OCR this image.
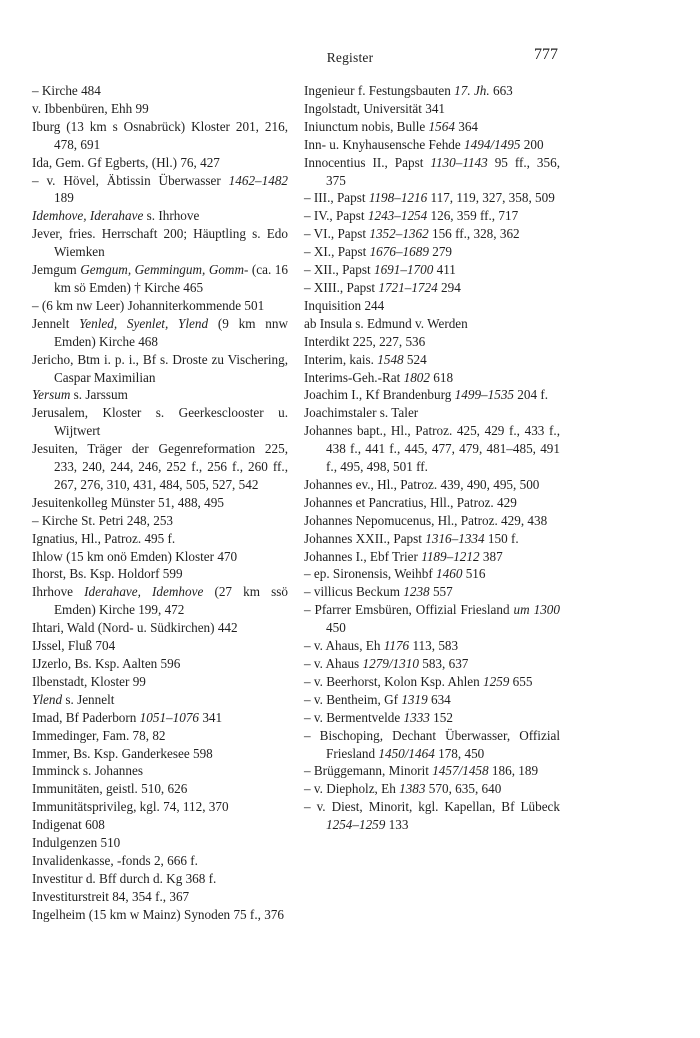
Register	777
– Kirche 484
v. Ibbenbüren, Ehh 99
Iburg (13 km s Osnabrück) Kloster 201, 216, 478, 691
Ida, Gem. Gf Egberts, (Hl.) 76, 427
– v. Hövel, Äbtissin Überwasser 1462–1482 189
Idemhove, Iderahave s. Ihrhove
Jever, fries. Herrschaft 200; Häuptling s. Edo Wiemken
Jemgum Gemgum, Gemmingum, Gomm- (ca. 16 km sö Emden) † Kirche 465
– (6 km nw Leer) Johanniterkommende 501
Jennelt Yenled, Syenlet, Ylend (9 km nnw Emden) Kirche 468
Jericho, Btm i. p. i., Bf s. Droste zu Vischering, Caspar Maximilian
Yersum s. Jarssum
Jerusalem, Kloster s. Geerkesclooster u. Wijtwert
Jesuiten, Träger der Gegenreformation 225, 233, 240, 244, 246, 252 f., 256 f., 260 ff., 267, 276, 310, 431, 484, 505, 527, 542
Jesuitenkolleg Münster 51, 488, 495
– Kirche St. Petri 248, 253
Ignatius, Hl., Patroz. 495 f.
Ihlow (15 km onö Emden) Kloster 470
Ihorst, Bs. Ksp. Holdorf 599
Ihrhove Iderahave, Idemhove (27 km ssö Emden) Kirche 199, 472
Ihtari, Wald (Nord- u. Südkirchen) 442
IJssel, Fluß 704
IJzerlo, Bs. Ksp. Aalten 596
Ilbenstadt, Kloster 99
Ylend s. Jennelt
Imad, Bf Paderborn 1051–1076 341
Immedinger, Fam. 78, 82
Immer, Bs. Ksp. Ganderkesee 598
Imminck s. Johannes
Immunitäten, geistl. 510, 626
Immunitätsprivileg, kgl. 74, 112, 370
Indigenat 608
Indulgenzen 510
Invalidenkasse, -fonds 2, 666 f.
Investitur d. Bff durch d. Kg 368 f.
Investiturstreit 84, 354 f., 367
Ingelheim (15 km w Mainz) Synoden 75 f., 376
Ingenieur f. Festungsbauten 17. Jh. 663
Ingolstadt, Universität 341
Iniunctum nobis, Bulle 1564 364
Inn- u. Knyhausensche Fehde 1494/1495 200
Innocentius II., Papst 1130–1143 95 ff., 356, 375
– III., Papst 1198–1216 117, 119, 327, 358, 509
– IV., Papst 1243–1254 126, 359 ff., 717
– VI., Papst 1352–1362 156 ff., 328, 362
– XI., Papst 1676–1689 279
– XII., Papst 1691–1700 411
– XIII., Papst 1721–1724 294
Inquisition 244
ab Insula s. Edmund v. Werden
Interdikt 225, 227, 536
Interim, kais. 1548 524
Interims-Geh.-Rat 1802 618
Joachim I., Kf Brandenburg 1499–1535 204 f.
Joachimstaler s. Taler
Johannes bapt., Hl., Patroz. 425, 429 f., 433 f., 438 f., 441 f., 445, 477, 479, 481–485, 491 f., 495, 498, 501 ff.
Johannes ev., Hl., Patroz. 439, 490, 495, 500
Johannes et Pancratius, Hll., Patroz. 429
Johannes Nepomucenus, Hl., Patroz. 429, 438
Johannes XXII., Papst 1316–1334 150 f.
Johannes I., Ebf Trier 1189–1212 387
– ep. Sironensis, Weihbf 1460 516
– villicus Beckum 1238 557
– Pfarrer Emsbüren, Offizial Friesland um 1300 450
– v. Ahaus, Eh 1176 113, 583
– v. Ahaus 1279/1310 583, 637
– v. Beerhorst, Kolon Ksp. Ahlen 1259 655
– v. Bentheim, Gf 1319 634
– v. Bermentvelde 1333 152
– Bischoping, Dechant Überwasser, Offizial Friesland 1450/1464 178, 450
– Brüggemann, Minorit 1457/1458 186, 189
– v. Diepholz, Eh 1383 570, 635, 640
– v. Diest, Minorit, kgl. Kapellan, Bf Lübeck 1254–1259 133
